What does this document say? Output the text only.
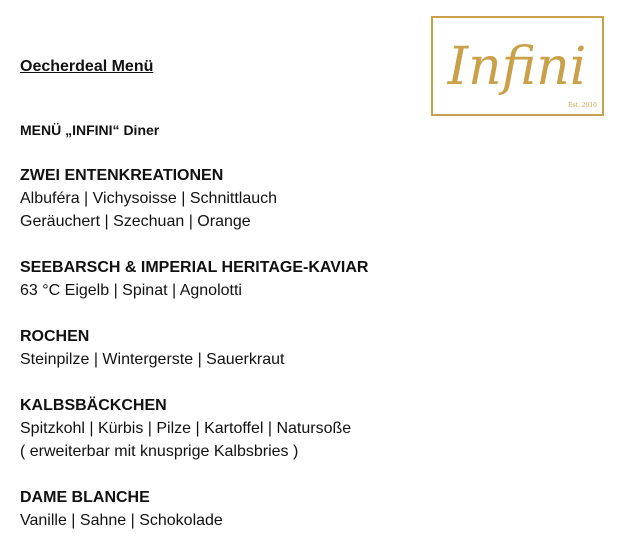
Oecherdeal Menü
MENÜ „INFINI“ Diner
Infini
Est. 2010
ZWEI ENTENKREATIONEN
Albuféra | Vichysoisse | Schnittlauch
Geräuchert | Szechuan | Orange
SEEBARSCH & IMPERIAL HERITAGE-KAVIAR
63 °C Eigelb | Spinat | Agnolotti
ROCHEN
Steinpilze | Wintergerste | Sauerkraut
KALBSBÄCKCHEN
Spitzkohl | Kürbis | Pilze | Kartoffel | Natursoße
( erweiterbar mit knusprige Kalbsbries )
DAME BLANCHE
Vanille | Sahne | Schokolade
